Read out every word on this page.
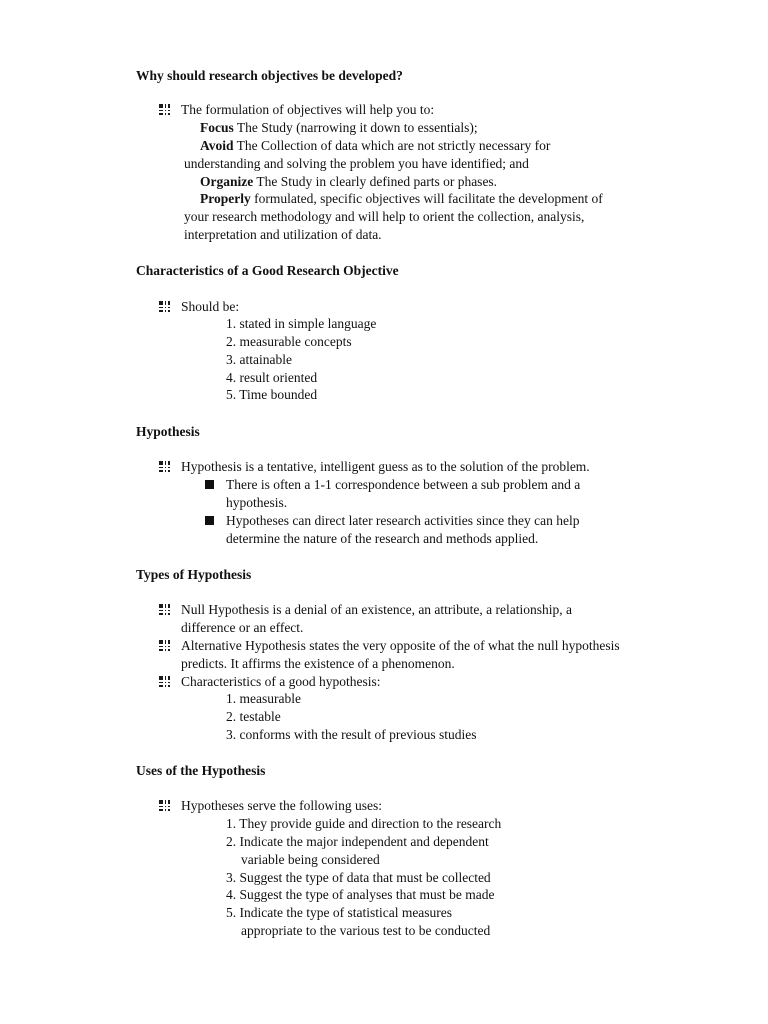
Why should research objectives be developed?
The formulation of objectives will help you to:
Focus The Study (narrowing it down to essentials);
Avoid The Collection of data which are not strictly necessary for
understanding and solving the problem you have identified; and
Organize The Study in clearly defined parts or phases.
Properly formulated, specific objectives will facilitate the development of
your research methodology and will help to orient the collection, analysis,
interpretation and utilization of data.
Characteristics of a Good Research Objective
Should be:
1. stated in simple language
2. measurable concepts
3. attainable
4. result oriented
5. Time bounded
Hypothesis
Hypothesis is a tentative, intelligent guess as to the solution of the problem.
There is often a 1-1 correspondence between a sub problem and a
hypothesis.
Hypotheses can direct later research activities since they can help
determine the nature of the research and methods applied.
Types of Hypothesis
Null Hypothesis is a denial of an existence, an attribute, a relationship, a
difference or an effect.
Alternative Hypothesis states the very opposite of the of what the null hypothesis
predicts. It affirms the existence of a phenomenon.
Characteristics of a good hypothesis:
1. measurable
2. testable
3. conforms with the result of previous studies
Uses of the Hypothesis
Hypotheses serve the following uses:
1. They provide guide and direction to the research
2. Indicate the major independent and dependent
variable being considered
3. Suggest the type of data that must be collected
4. Suggest the type of analyses that must be made
5. Indicate the type of statistical measures
appropriate to the various test to be conducted
